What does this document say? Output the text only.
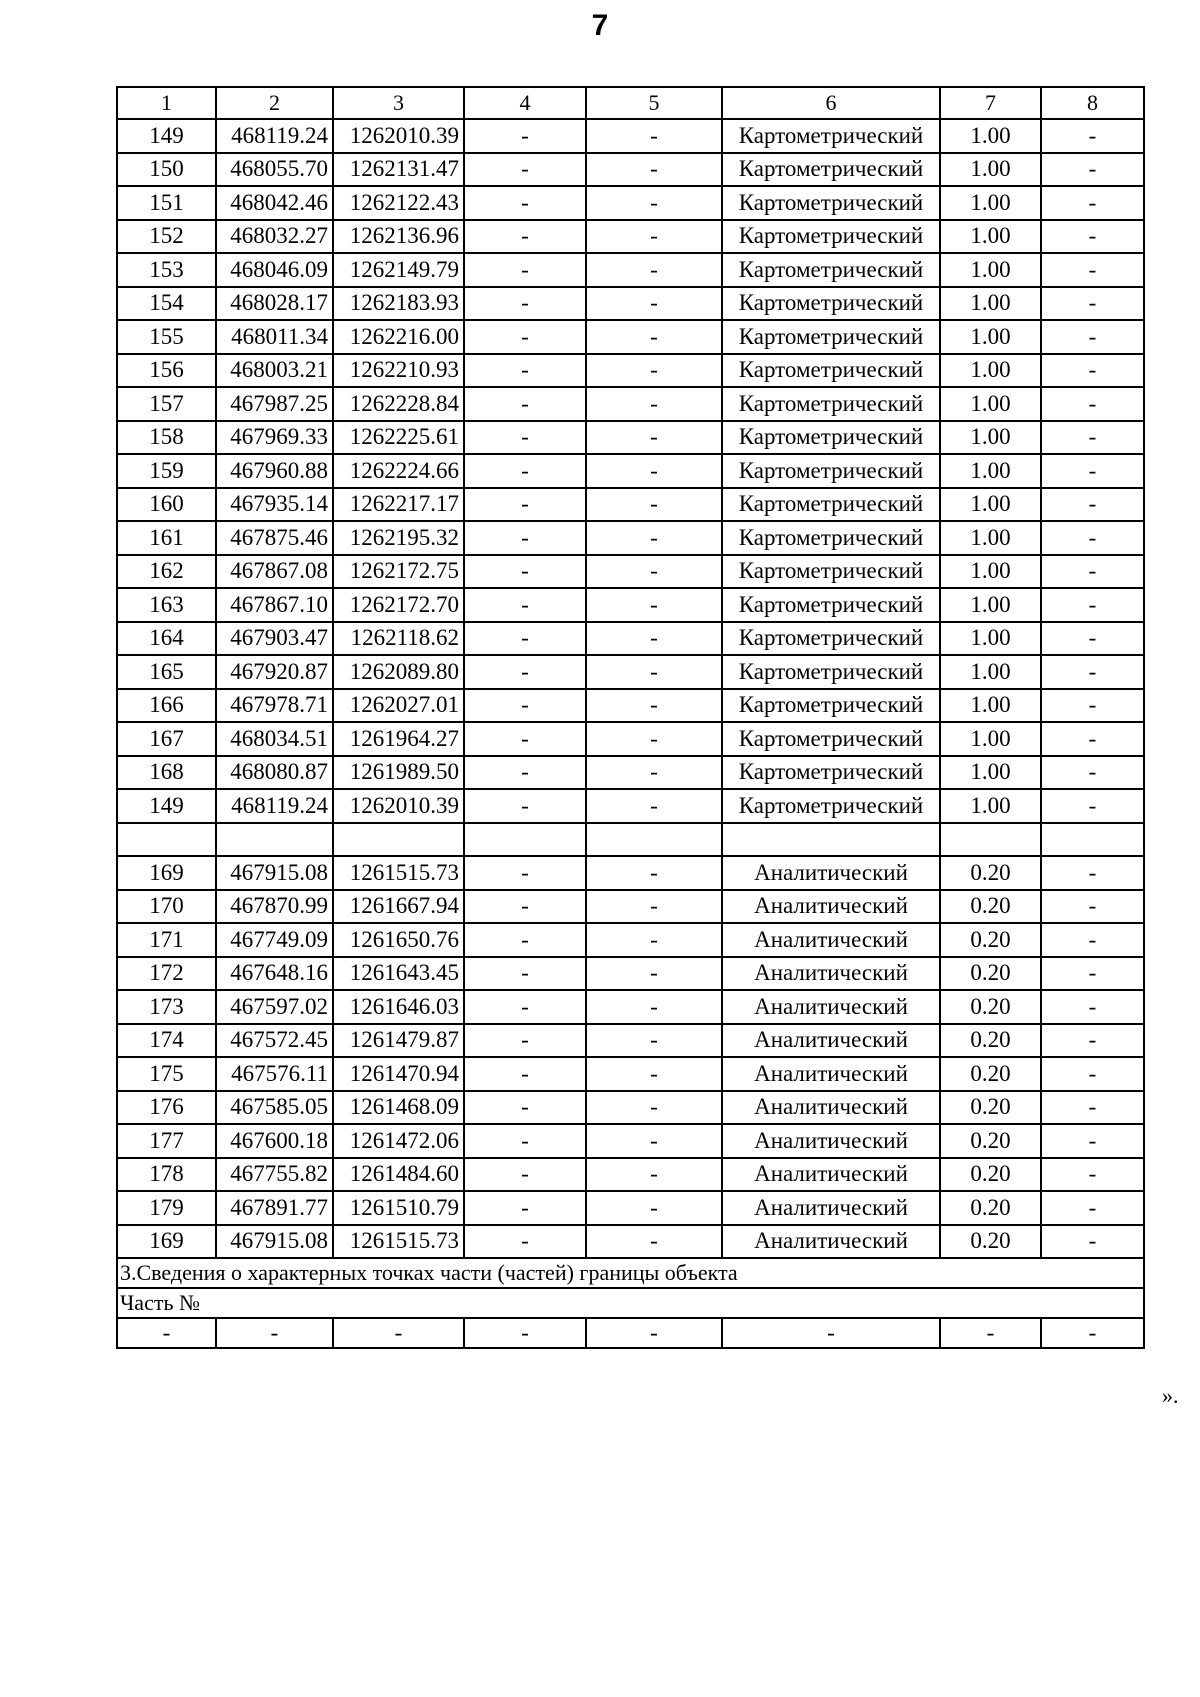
7
1	2	3	4	5	6	7	8
149	468119.24	1262010.39	-	-	Картометрический	1.00	-
150	468055.70	1262131.47	-	-	Картометрический	1.00	-
151	468042.46	1262122.43	-	-	Картометрический	1.00	-
152	468032.27	1262136.96	-	-	Картометрический	1.00	-
153	468046.09	1262149.79	-	-	Картометрический	1.00	-
154	468028.17	1262183.93	-	-	Картометрический	1.00	-
155	468011.34	1262216.00	-	-	Картометрический	1.00	-
156	468003.21	1262210.93	-	-	Картометрический	1.00	-
157	467987.25	1262228.84	-	-	Картометрический	1.00	-
158	467969.33	1262225.61	-	-	Картометрический	1.00	-
159	467960.88	1262224.66	-	-	Картометрический	1.00	-
160	467935.14	1262217.17	-	-	Картометрический	1.00	-
161	467875.46	1262195.32	-	-	Картометрический	1.00	-
162	467867.08	1262172.75	-	-	Картометрический	1.00	-
163	467867.10	1262172.70	-	-	Картометрический	1.00	-
164	467903.47	1262118.62	-	-	Картометрический	1.00	-
165	467920.87	1262089.80	-	-	Картометрический	1.00	-
166	467978.71	1262027.01	-	-	Картометрический	1.00	-
167	468034.51	1261964.27	-	-	Картометрический	1.00	-
168	468080.87	1261989.50	-	-	Картометрический	1.00	-
149	468119.24	1262010.39	-	-	Картометрический	1.00	-

169	467915.08	1261515.73	-	-	Аналитический	0.20	-
170	467870.99	1261667.94	-	-	Аналитический	0.20	-
171	467749.09	1261650.76	-	-	Аналитический	0.20	-
172	467648.16	1261643.45	-	-	Аналитический	0.20	-
173	467597.02	1261646.03	-	-	Аналитический	0.20	-
174	467572.45	1261479.87	-	-	Аналитический	0.20	-
175	467576.11	1261470.94	-	-	Аналитический	0.20	-
176	467585.05	1261468.09	-	-	Аналитический	0.20	-
177	467600.18	1261472.06	-	-	Аналитический	0.20	-
178	467755.82	1261484.60	-	-	Аналитический	0.20	-
179	467891.77	1261510.79	-	-	Аналитический	0.20	-
169	467915.08	1261515.73	-	-	Аналитический	0.20	-
3.Сведения о характерных точках части (частей) границы объекта							
Часть №							
-	-	-	-	-	-	-	-
».
